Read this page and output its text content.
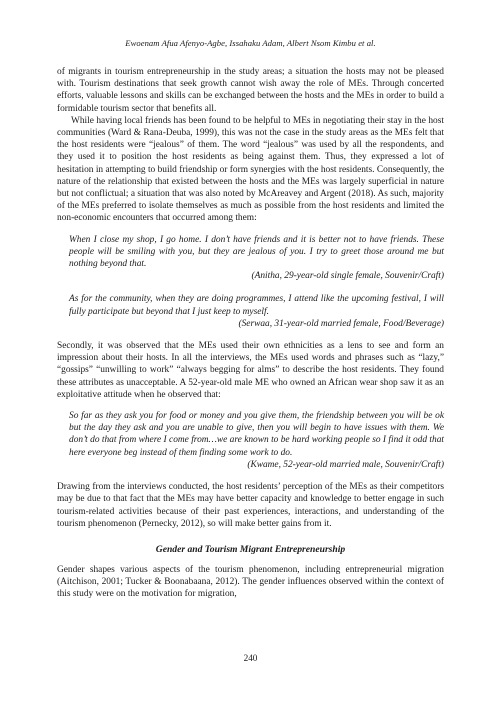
Ewoenam Afua Afenyo-Agbe, Issahaku Adam, Albert Nsom Kimbu et al.

of migrants in tourism entrepreneurship in the study areas; a situation the hosts may not be pleased with. Tourism destinations that seek growth cannot wish away the role of MEs. Through concerted efforts, valuable lessons and skills can be exchanged between the hosts and the MEs in order to build a formidable tourism sector that benefits all.

While having local friends has been found to be helpful to MEs in negotiating their stay in the host communities (Ward & Rana-Deuba, 1999), this was not the case in the study areas as the MEs felt that the host residents were “jealous” of them. The word “jealous” was used by all the respondents, and they used it to position the host residents as being against them. Thus, they expressed a lot of hesitation in attempting to build friendship or form synergies with the host residents. Consequently, the nature of the relationship that existed between the hosts and the MEs was largely superficial in nature but not conflictual; a situation that was also noted by McAreavey and Argent (2018). As such, majority of the MEs preferred to isolate themselves as much as possible from the host residents and limited the non-economic encounters that occurred among them:

When I close my shop, I go home. I don’t have friends and it is better not to have friends. These people will be smiling with you, but they are jealous of you. I try to greet those around me but nothing beyond that.
(Anitha, 29-year-old single female, Souvenir/Craft)
As for the community, when they are doing programmes, I attend like the upcoming festival, I will fully participate but beyond that I just keep to myself.
(Serwaa, 31-year-old married female, Food/Beverage)

Secondly, it was observed that the MEs used their own ethnicities as a lens to see and form an impression about their hosts. In all the interviews, the MEs used words and phrases such as “lazy,” “gossips” “unwilling to work” “always begging for alms” to describe the host residents. They found these attributes as unacceptable. A 52-year-old male ME who owned an African wear shop saw it as an exploitative attitude when he observed that:

So far as they ask you for food or money and you give them, the friendship between you will be ok but the day they ask and you are unable to give, then you will begin to have issues with them. We don’t do that from where I come from…we are known to be hard working people so I find it odd that here everyone beg instead of them finding some work to do.
(Kwame, 52-year-old married male, Souvenir/Craft)

Drawing from the interviews conducted, the host residents’ perception of the MEs as their competitors may be due to that fact that the MEs may have better capacity and knowledge to better engage in such tourism-related activities because of their past experiences, interactions, and understanding of the tourism phenomenon (Pernecky, 2012), so will make better gains from it.

Gender and Tourism Migrant Entrepreneurship

Gender shapes various aspects of the tourism phenomenon, including entrepreneurial migration (Aitchison, 2001; Tucker & Boonabaana, 2012). The gender influences observed within the context of this study were on the motivation for migration,

240
